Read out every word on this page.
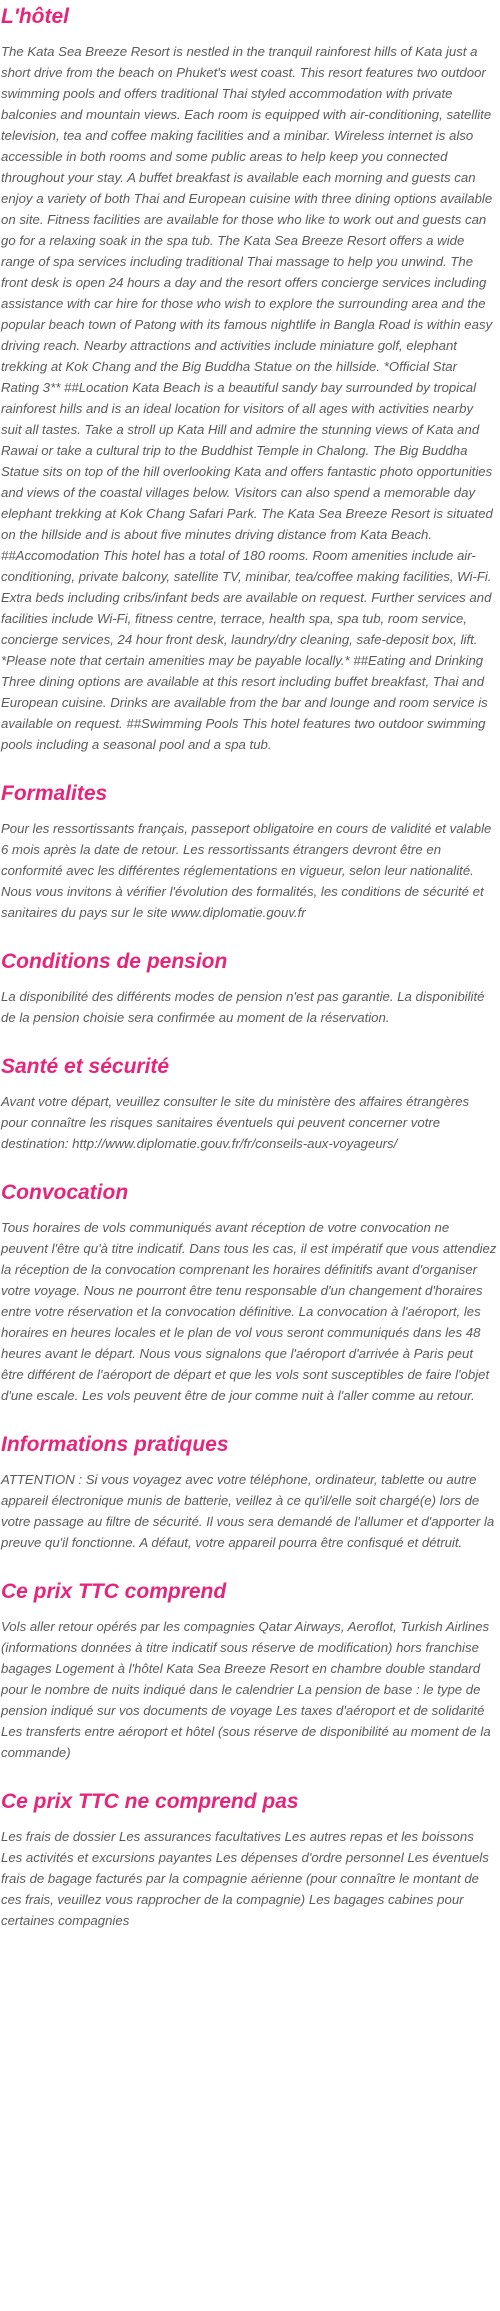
L'hôtel

The Kata Sea Breeze Resort is nestled in the tranquil rainforest hills of Kata just a short drive from the beach on Phuket's west coast. This resort features two outdoor swimming pools and offers traditional Thai styled accommodation with private balconies and mountain views. Each room is equipped with air-conditioning, satellite television, tea and coffee making facilities and a minibar. Wireless internet is also accessible in both rooms and some public areas to help keep you connected throughout your stay. A buffet breakfast is available each morning and guests can enjoy a variety of both Thai and European cuisine with three dining options available on site. Fitness facilities are available for those who like to work out and guests can go for a relaxing soak in the spa tub. The Kata Sea Breeze Resort offers a wide range of spa services including traditional Thai massage to help you unwind. The front desk is open 24 hours a day and the resort offers concierge services including assistance with car hire for those who wish to explore the surrounding area and the popular beach town of Patong with its famous nightlife in Bangla Road is within easy driving reach. Nearby attractions and activities include miniature golf, elephant trekking at Kok Chang and the Big Buddha Statue on the hillside. *Official Star Rating 3** ##Location Kata Beach is a beautiful sandy bay surrounded by tropical rainforest hills and is an ideal location for visitors of all ages with activities nearby suit all tastes. Take a stroll up Kata Hill and admire the stunning views of Kata and Rawai or take a cultural trip to the Buddhist Temple in Chalong. The Big Buddha Statue sits on top of the hill overlooking Kata and offers fantastic photo opportunities and views of the coastal villages below. Visitors can also spend a memorable day elephant trekking at Kok Chang Safari Park. The Kata Sea Breeze Resort is situated on the hillside and is about five minutes driving distance from Kata Beach. ##Accomodation This hotel has a total of 180 rooms. Room amenities include air-conditioning, private balcony, satellite TV, minibar, tea/coffee making facilities, Wi-Fi. Extra beds including cribs/infant beds are available on request. Further services and facilities include Wi-Fi, fitness centre, terrace, health spa, spa tub, room service, concierge services, 24 hour front desk, laundry/dry cleaning, safe-deposit box, lift. *Please note that certain amenities may be payable locally.* ##Eating and Drinking Three dining options are available at this resort including buffet breakfast, Thai and European cuisine. Drinks are available from the bar and lounge and room service is available on request. ##Swimming Pools This hotel features two outdoor swimming pools including a seasonal pool and a spa tub.

Formalites

Pour les ressortissants français, passeport obligatoire en cours de validité et valable 6 mois après la date de retour. Les ressortissants étrangers devront être en conformité avec les différentes réglementations en vigueur, selon leur nationalité. Nous vous invitons à vérifier l'évolution des formalités, les conditions de sécurité et sanitaires du pays sur le site www.diplomatie.gouv.fr

Conditions de pension

La disponibilité des différents modes de pension n'est pas garantie. La disponibilité de la pension choisie sera confirmée au moment de la réservation.

Santé et sécurité

Avant votre départ, veuillez consulter le site du ministère des affaires étrangères pour connaître les risques sanitaires éventuels qui peuvent concerner votre destination: http://www.diplomatie.gouv.fr/fr/conseils-aux-voyageurs/

Convocation

Tous horaires de vols communiqués avant réception de votre convocation ne peuvent l'être qu'à titre indicatif. Dans tous les cas, il est impératif que vous attendiez la réception de la convocation comprenant les horaires définitifs avant d'organiser votre voyage. Nous ne pourront être tenu responsable d'un changement d'horaires entre votre réservation et la convocation définitive. La convocation à l'aéroport, les horaires en heures locales et le plan de vol vous seront communiqués dans les 48 heures avant le départ. Nous vous signalons que l'aéroport d'arrivée à Paris peut être différent de l'aéroport de départ et que les vols sont susceptibles de faire l'objet d'une escale. Les vols peuvent être de jour comme nuit à l'aller comme au retour.

Informations pratiques

ATTENTION : Si vous voyagez avec votre téléphone, ordinateur, tablette ou autre appareil électronique munis de batterie, veillez à ce qu'il/elle soit chargé(e) lors de votre passage au filtre de sécurité. Il vous sera demandé de l'allumer et d'apporter la preuve qu'il fonctionne. A défaut, votre appareil pourra être confisqué et détruit.

Ce prix TTC comprend

Vols aller retour opérés par les compagnies Qatar Airways, Aeroflot, Turkish Airlines (informations données à titre indicatif sous réserve de modification) hors franchise bagages Logement à l'hôtel Kata Sea Breeze Resort en chambre double standard pour le nombre de nuits indiqué dans le calendrier La pension de base : le type de pension indiqué sur vos documents de voyage Les taxes d'aéroport et de solidarité Les transferts entre aéroport et hôtel (sous réserve de disponibilité au moment de la commande)

Ce prix TTC ne comprend pas

Les frais de dossier Les assurances facultatives Les autres repas et les boissons Les activités et excursions payantes Les dépenses d'ordre personnel Les éventuels frais de bagage facturés par la compagnie aérienne (pour connaître le montant de ces frais, veuillez vous rapprocher de la compagnie) Les bagages cabines pour certaines compagnies
